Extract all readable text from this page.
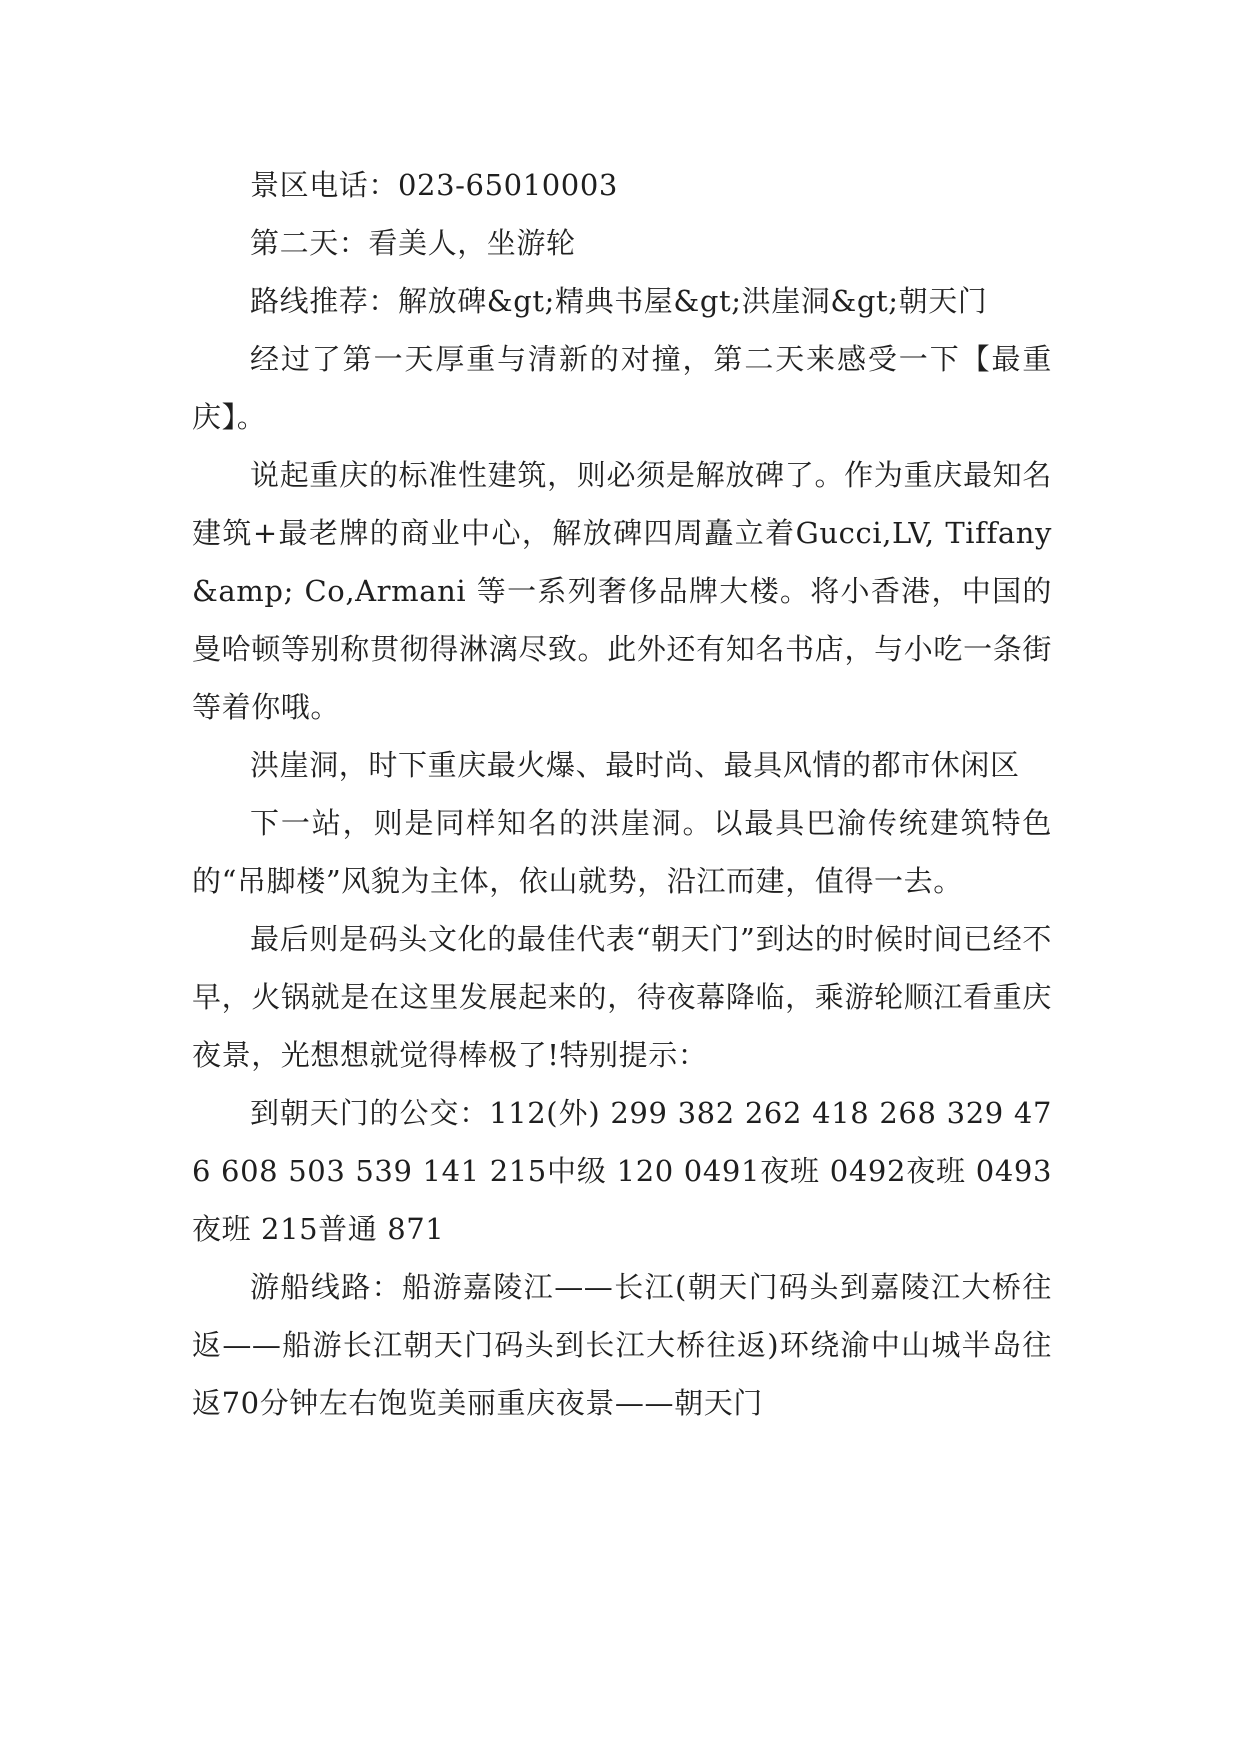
景区电话：023-65010003

第二天：看美人，坐游轮

路线推荐：解放碑&gt;精典书屋&gt;洪崖洞&gt;朝天门

经过了第一天厚重与清新的对撞，第二天来感受一下【最重庆】。

说起重庆的标准性建筑，则必须是解放碑了。作为重庆最知名建筑+最老牌的商业中心，解放碑四周矗立着Gucci,LV, Tiffany &amp; Co,Armani 等一系列奢侈品牌大楼。将小香港，中国的曼哈顿等别称贯彻得淋漓尽致。此外还有知名书店，与小吃一条街等着你哦。

洪崖洞，时下重庆最火爆、最时尚、最具风情的都市休闲区

下一站，则是同样知名的洪崖洞。以最具巴渝传统建筑特色的“吊脚楼”风貌为主体，依山就势，沿江而建，值得一去。

最后则是码头文化的最佳代表“朝天门”到达的时候时间已经不早，火锅就是在这里发展起来的，待夜幕降临，乘游轮顺江看重庆夜景，光想想就觉得棒极了!特别提示：

到朝天门的公交：112(外) 299 382 262 418 268 329 476 608 503 539 141 215中级 120 0491夜班 0492夜班 0493夜班 215普通 871

游船线路：船游嘉陵江——长江(朝天门码头到嘉陵江大桥往返——船游长江朝天门码头到长江大桥往返)环绕渝中山城半岛往返70分钟左右饱览美丽重庆夜景——朝天门
